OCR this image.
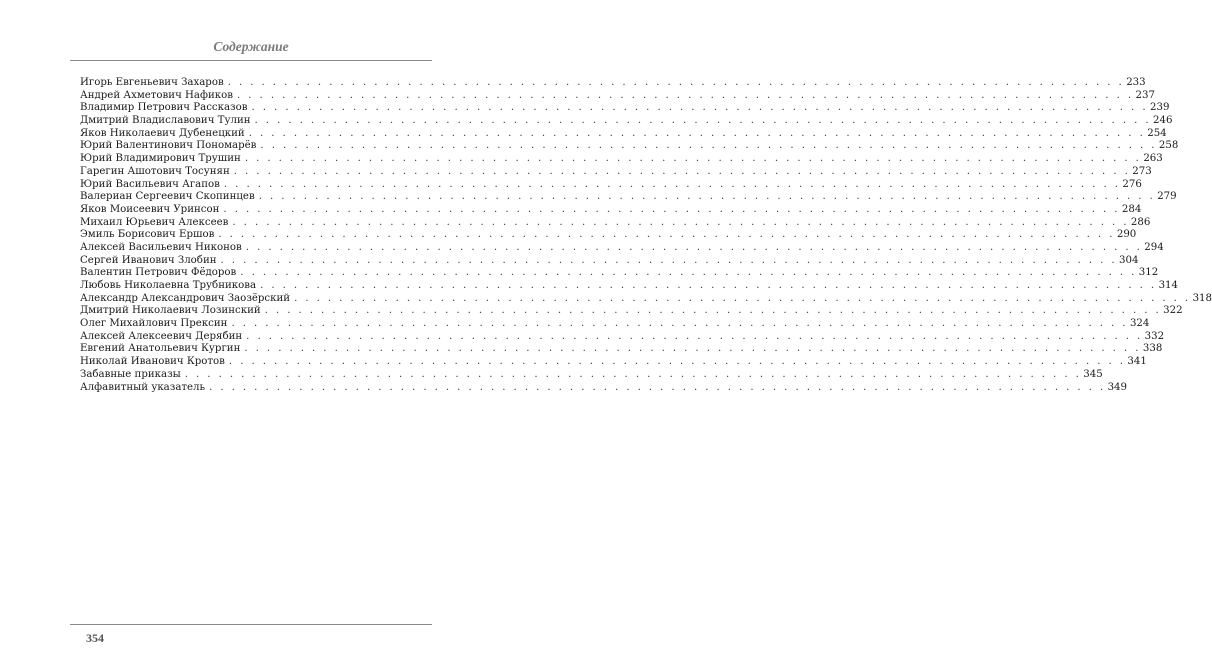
Содержание
Игорь Евгеньевич Захаров . . . . . . . . . . . . . . . . . . . . . . . . . . . . . . . . . . . . . . . . . . . . . . . . . . . . . . . . . . . . . . . . . . . . . . . . . . . . . . . . 233
Андрей Ахметович Нафиков . . . . . . . . . . . . . . . . . . . . . . . . . . . . . . . . . . . . . . . . . . . . . . . . . . . . . . . . . . . . . . . . . . . . . . . . . . . . . . . . 237
Владимир Петрович Рассказов . . . . . . . . . . . . . . . . . . . . . . . . . . . . . . . . . . . . . . . . . . . . . . . . . . . . . . . . . . . . . . . . . . . . . . . . . . . . . . . . 239
Дмитрий Владиславович Тулин . . . . . . . . . . . . . . . . . . . . . . . . . . . . . . . . . . . . . . . . . . . . . . . . . . . . . . . . . . . . . . . . . . . . . . . . . . . . . . . . 246
Яков Николаевич Дубенецкий . . . . . . . . . . . . . . . . . . . . . . . . . . . . . . . . . . . . . . . . . . . . . . . . . . . . . . . . . . . . . . . . . . . . . . . . . . . . . . . . 254
Юрий Валентинович Пономарёв . . . . . . . . . . . . . . . . . . . . . . . . . . . . . . . . . . . . . . . . . . . . . . . . . . . . . . . . . . . . . . . . . . . . . . . . . . . . . . . . 258
Юрий Владимирович Трушин . . . . . . . . . . . . . . . . . . . . . . . . . . . . . . . . . . . . . . . . . . . . . . . . . . . . . . . . . . . . . . . . . . . . . . . . . . . . . . . . 263
Гарегин Ашотович Тосунян . . . . . . . . . . . . . . . . . . . . . . . . . . . . . . . . . . . . . . . . . . . . . . . . . . . . . . . . . . . . . . . . . . . . . . . . . . . . . . . . 273
Юрий Васильевич Агапов . . . . . . . . . . . . . . . . . . . . . . . . . . . . . . . . . . . . . . . . . . . . . . . . . . . . . . . . . . . . . . . . . . . . . . . . . . . . . . . . 276
Валериан Сергеевич Скопинцев . . . . . . . . . . . . . . . . . . . . . . . . . . . . . . . . . . . . . . . . . . . . . . . . . . . . . . . . . . . . . . . . . . . . . . . . . . . . . . . . 279
Яков Моисеевич Уринсон . . . . . . . . . . . . . . . . . . . . . . . . . . . . . . . . . . . . . . . . . . . . . . . . . . . . . . . . . . . . . . . . . . . . . . . . . . . . . . . . 284
Михаил Юрьевич Алексеев . . . . . . . . . . . . . . . . . . . . . . . . . . . . . . . . . . . . . . . . . . . . . . . . . . . . . . . . . . . . . . . . . . . . . . . . . . . . . . . . 286
Эмиль Борисович Ершов . . . . . . . . . . . . . . . . . . . . . . . . . . . . . . . . . . . . . . . . . . . . . . . . . . . . . . . . . . . . . . . . . . . . . . . . . . . . . . . . 290
Алексей Васильевич Никонов . . . . . . . . . . . . . . . . . . . . . . . . . . . . . . . . . . . . . . . . . . . . . . . . . . . . . . . . . . . . . . . . . . . . . . . . . . . . . . . . 294
Сергей Иванович Злобин . . . . . . . . . . . . . . . . . . . . . . . . . . . . . . . . . . . . . . . . . . . . . . . . . . . . . . . . . . . . . . . . . . . . . . . . . . . . . . . . 304
Валентин Петрович Фёдоров . . . . . . . . . . . . . . . . . . . . . . . . . . . . . . . . . . . . . . . . . . . . . . . . . . . . . . . . . . . . . . . . . . . . . . . . . . . . . . . . 312
Любовь Николаевна Трубникова . . . . . . . . . . . . . . . . . . . . . . . . . . . . . . . . . . . . . . . . . . . . . . . . . . . . . . . . . . . . . . . . . . . . . . . . . . . . . . . . 314
Александр Александрович Заозёрский . . . . . . . . . . . . . . . . . . . . . . . . . . . . . . . . . . . . . . . . . . . . . . . . . . . . . . . . . . . . . . . . . . . . . . . . . . . . . . . . 318
Дмитрий Николаевич Лозинский . . . . . . . . . . . . . . . . . . . . . . . . . . . . . . . . . . . . . . . . . . . . . . . . . . . . . . . . . . . . . . . . . . . . . . . . . . . . . . . . 322
Олег Михайлович Прексин . . . . . . . . . . . . . . . . . . . . . . . . . . . . . . . . . . . . . . . . . . . . . . . . . . . . . . . . . . . . . . . . . . . . . . . . . . . . . . . . 324
Алексей Алексеевич Дерябин . . . . . . . . . . . . . . . . . . . . . . . . . . . . . . . . . . . . . . . . . . . . . . . . . . . . . . . . . . . . . . . . . . . . . . . . . . . . . . . . 332
Евгений Анатольевич Кургин . . . . . . . . . . . . . . . . . . . . . . . . . . . . . . . . . . . . . . . . . . . . . . . . . . . . . . . . . . . . . . . . . . . . . . . . . . . . . . . . 338
Николай Иванович Кротов . . . . . . . . . . . . . . . . . . . . . . . . . . . . . . . . . . . . . . . . . . . . . . . . . . . . . . . . . . . . . . . . . . . . . . . . . . . . . . . . 341
Забавные приказы . . . . . . . . . . . . . . . . . . . . . . . . . . . . . . . . . . . . . . . . . . . . . . . . . . . . . . . . . . . . . . . . . . . . . . . . . . . . . . . . 345
Алфавитный указатель . . . . . . . . . . . . . . . . . . . . . . . . . . . . . . . . . . . . . . . . . . . . . . . . . . . . . . . . . . . . . . . . . . . . . . . . . . . . . . . . 349
354
